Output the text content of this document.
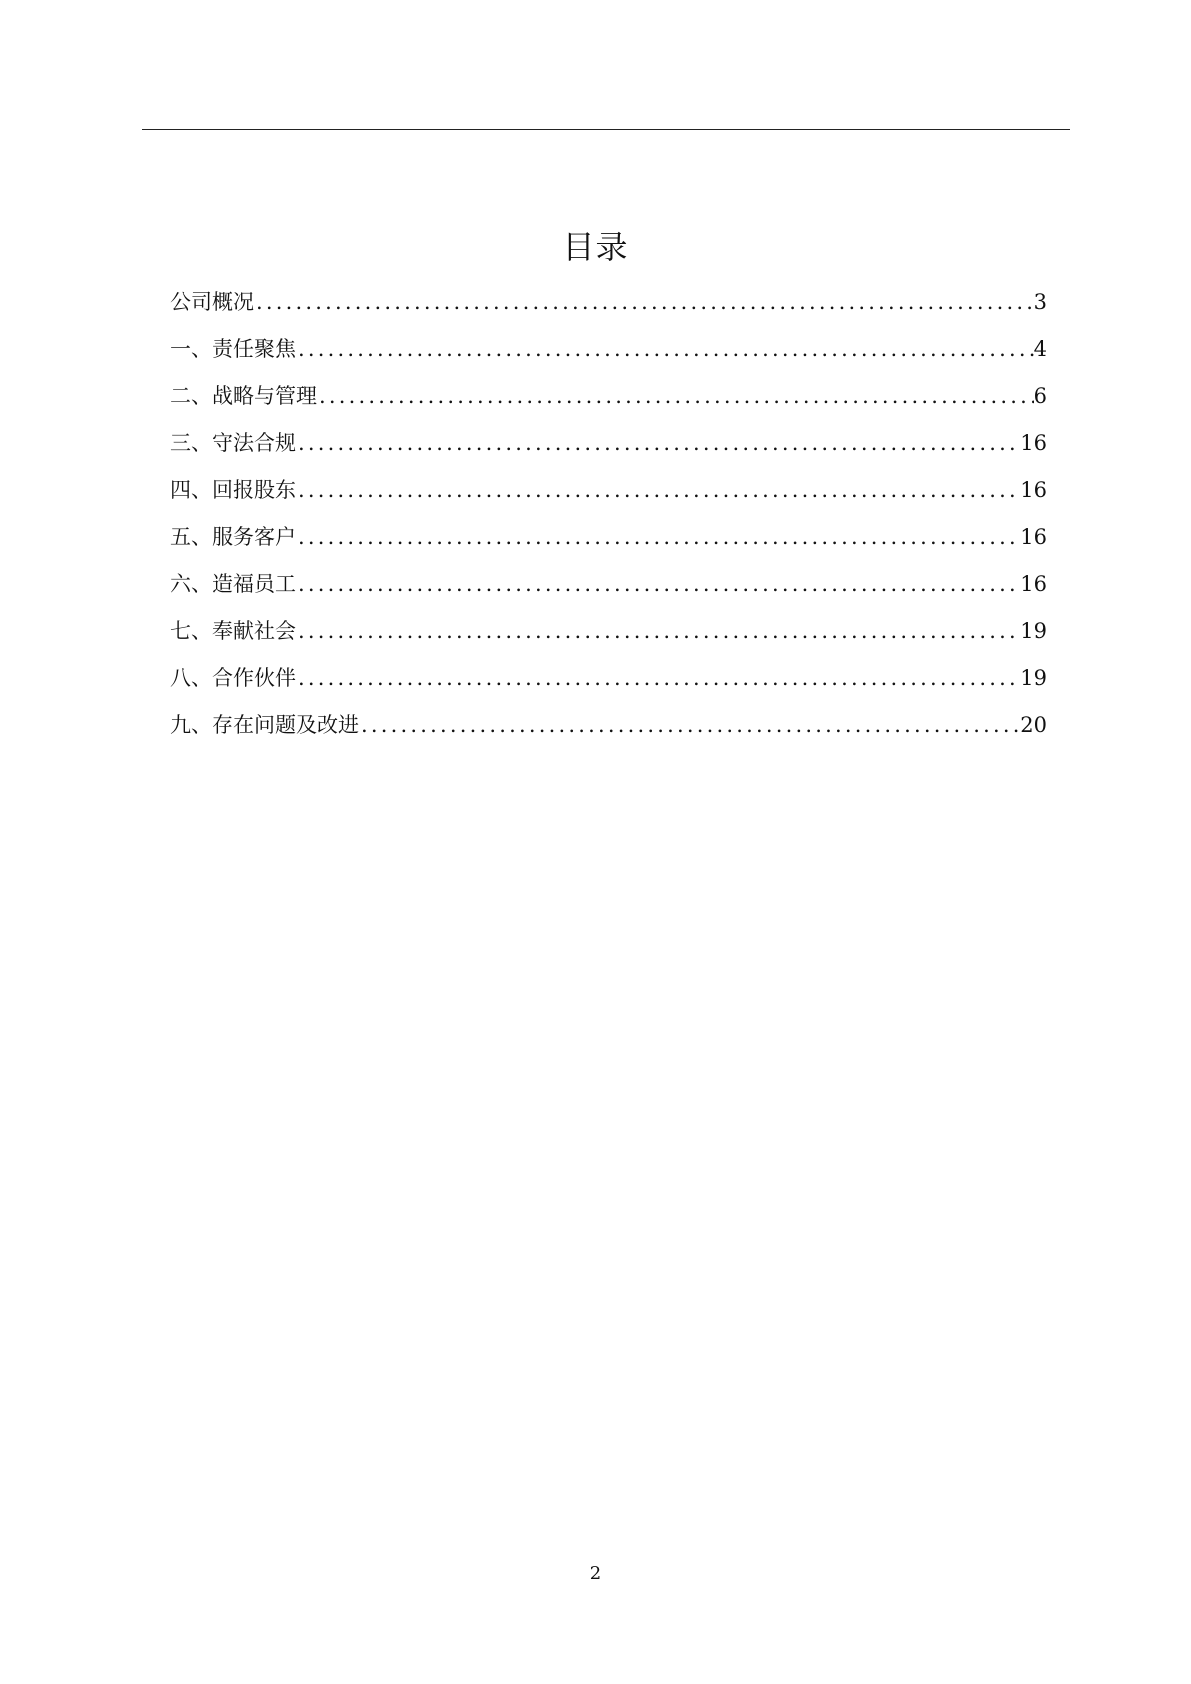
目录
公司概况 .....	3
一、责任聚焦 .....	4
二、战略与管理 .....	6
三、守法合规 .....	16
四、回报股东 .....	16
五、服务客户 .....	16
六、造福员工 .....	16
七、奉献社会 .....	19
八、合作伙伴 .....	19
九、存在问题及改进 .....	20
2
